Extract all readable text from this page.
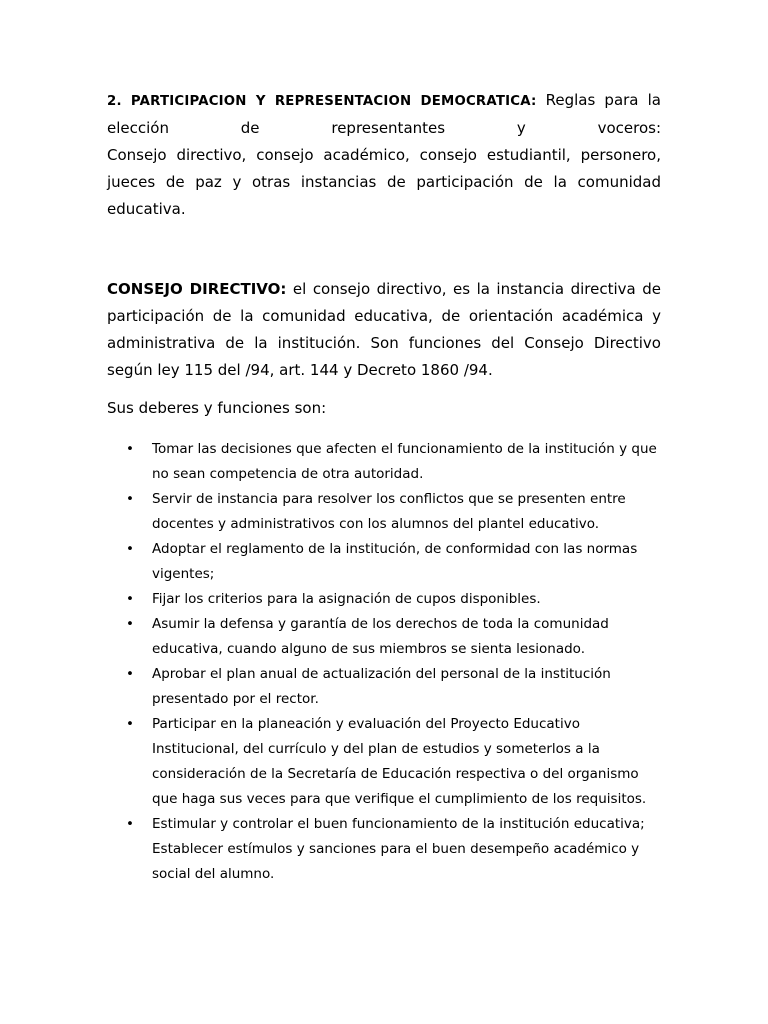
2. PARTICIPACION Y REPRESENTACION DEMOCRATICA: Reglas para la
elección de representantes y voceros:
Consejo directivo, consejo académico, consejo estudiantil, personero, jueces de paz y otras instancias de participación de la comunidad educativa.

CONSEJO DIRECTIVO: el consejo directivo, es la instancia directiva de participación de la comunidad educativa, de orientación académica y administrativa de la institución. Son funciones del Consejo Directivo según ley 115 del /94, art. 144 y Decreto 1860 /94.

Sus deberes y funciones son:

• Tomar las decisiones que afecten el funcionamiento de la institución y que no sean competencia de otra autoridad.
• Servir de instancia para resolver los conflictos que se presenten entre docentes y administrativos con los alumnos del plantel educativo.
• Adoptar el reglamento de la institución, de conformidad con las normas vigentes;
• Fijar los criterios para la asignación de cupos disponibles.
• Asumir la defensa y garantía de los derechos de toda la comunidad educativa, cuando alguno de sus miembros se sienta lesionado.
• Aprobar el plan anual de actualización del personal de la institución presentado por el rector.
• Participar en la planeación y evaluación del Proyecto Educativo Institucional, del currículo y del plan de estudios y someterlos a la consideración de la Secretaría de Educación respectiva o del organismo que haga sus veces para que verifique el cumplimiento de los requisitos.
• Estimular y controlar el buen funcionamiento de la institución educativa; Establecer estímulos y sanciones para el buen desempeño académico y social del alumno.
